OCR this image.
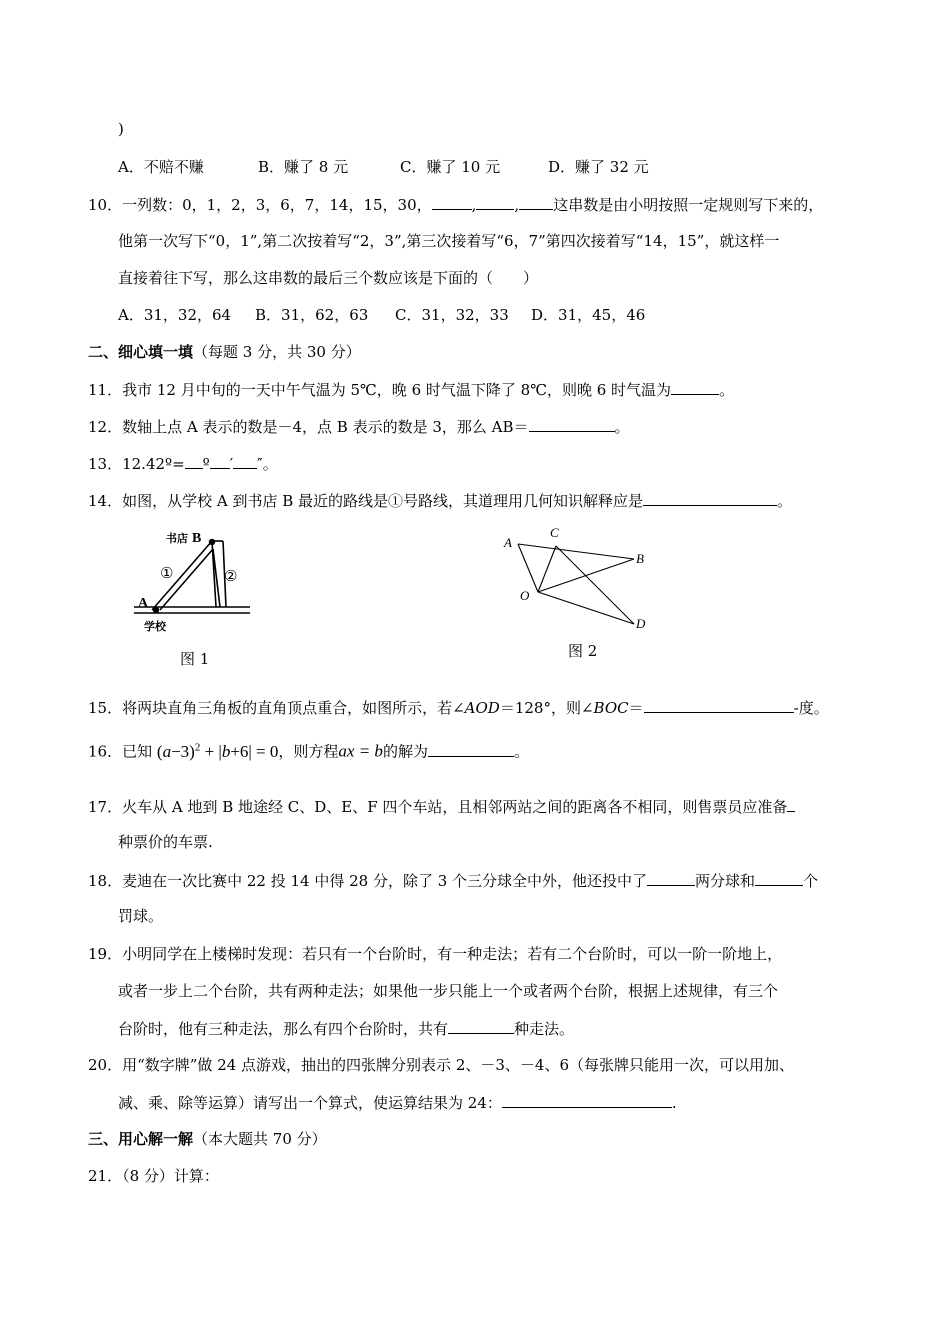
)
A．不赔不赚	B．赚了 8 元	C．赚了 10 元	D．赚了 32 元
10．一列数：0，1，2，3，6，7，14，15，30，	,	, 这串数是由小明按照一定规则写下来的，
他第一次写下“0，1”,第二次按着写“2，3”,第三次接着写“6，7”第四次接着写“14，15”，就这样一
直接着往下写，那么这串数的最后三个数应该是下面的（　　）
A．31，32，64 B．31，62，63 C．31，32，33 D．31，45，46
二、细心填一填（每题 3 分，共 30 分）
11．我市 12 月中旬的一天中午气温为 5℃，晚 6 时气温下降了 8℃，则晚 6 时气温为	。
12．数轴上点 A 表示的数是－4，点 B 表示的数是 3，那么 AB＝	。
13．12.42º= º ′ ″。
14．如图，从学校 A 到书店 B 最近的路线是①号路线，其道理用几何知识解释应是	。
书店 B
A
学校
①	②
图 1
A
C
B
O
D
图 2
15．将两块直角三角板的直角顶点重合，如图所示，若∠AOD＝128°，则∠BOC＝	-度。
16．已知 $(a-3)^2 + |b+6| = 0$，则方程ax = b的解为	。
17．火车从 A 地到 B 地途经 C、D、E、F 四个车站，且相邻两站之间的距离各不相同，则售票员应准备
种票价的车票.
18．麦迪在一次比赛中 22 投 14 中得 28 分，除了 3 个三分球全中外，他还投中了	两分球和	个
罚球。
19．小明同学在上楼梯时发现：若只有一个台阶时，有一种走法；若有二个台阶时，可以一阶一阶地上，
或者一步上二个台阶，共有两种走法；如果他一步只能上一个或者两个台阶，根据上述规律，有三个
台阶时，他有三种走法，那么有四个台阶时，共有	种走法。
20．用“数字牌”做 24 点游戏，抽出的四张牌分别表示 2、－3、－4、6（每张牌只能用一次，可以用加、
减、乘、除等运算）请写出一个算式，使运算结果为 24：	.
三、用心解一解（本大题共 70 分）
21．（8 分）计算：
